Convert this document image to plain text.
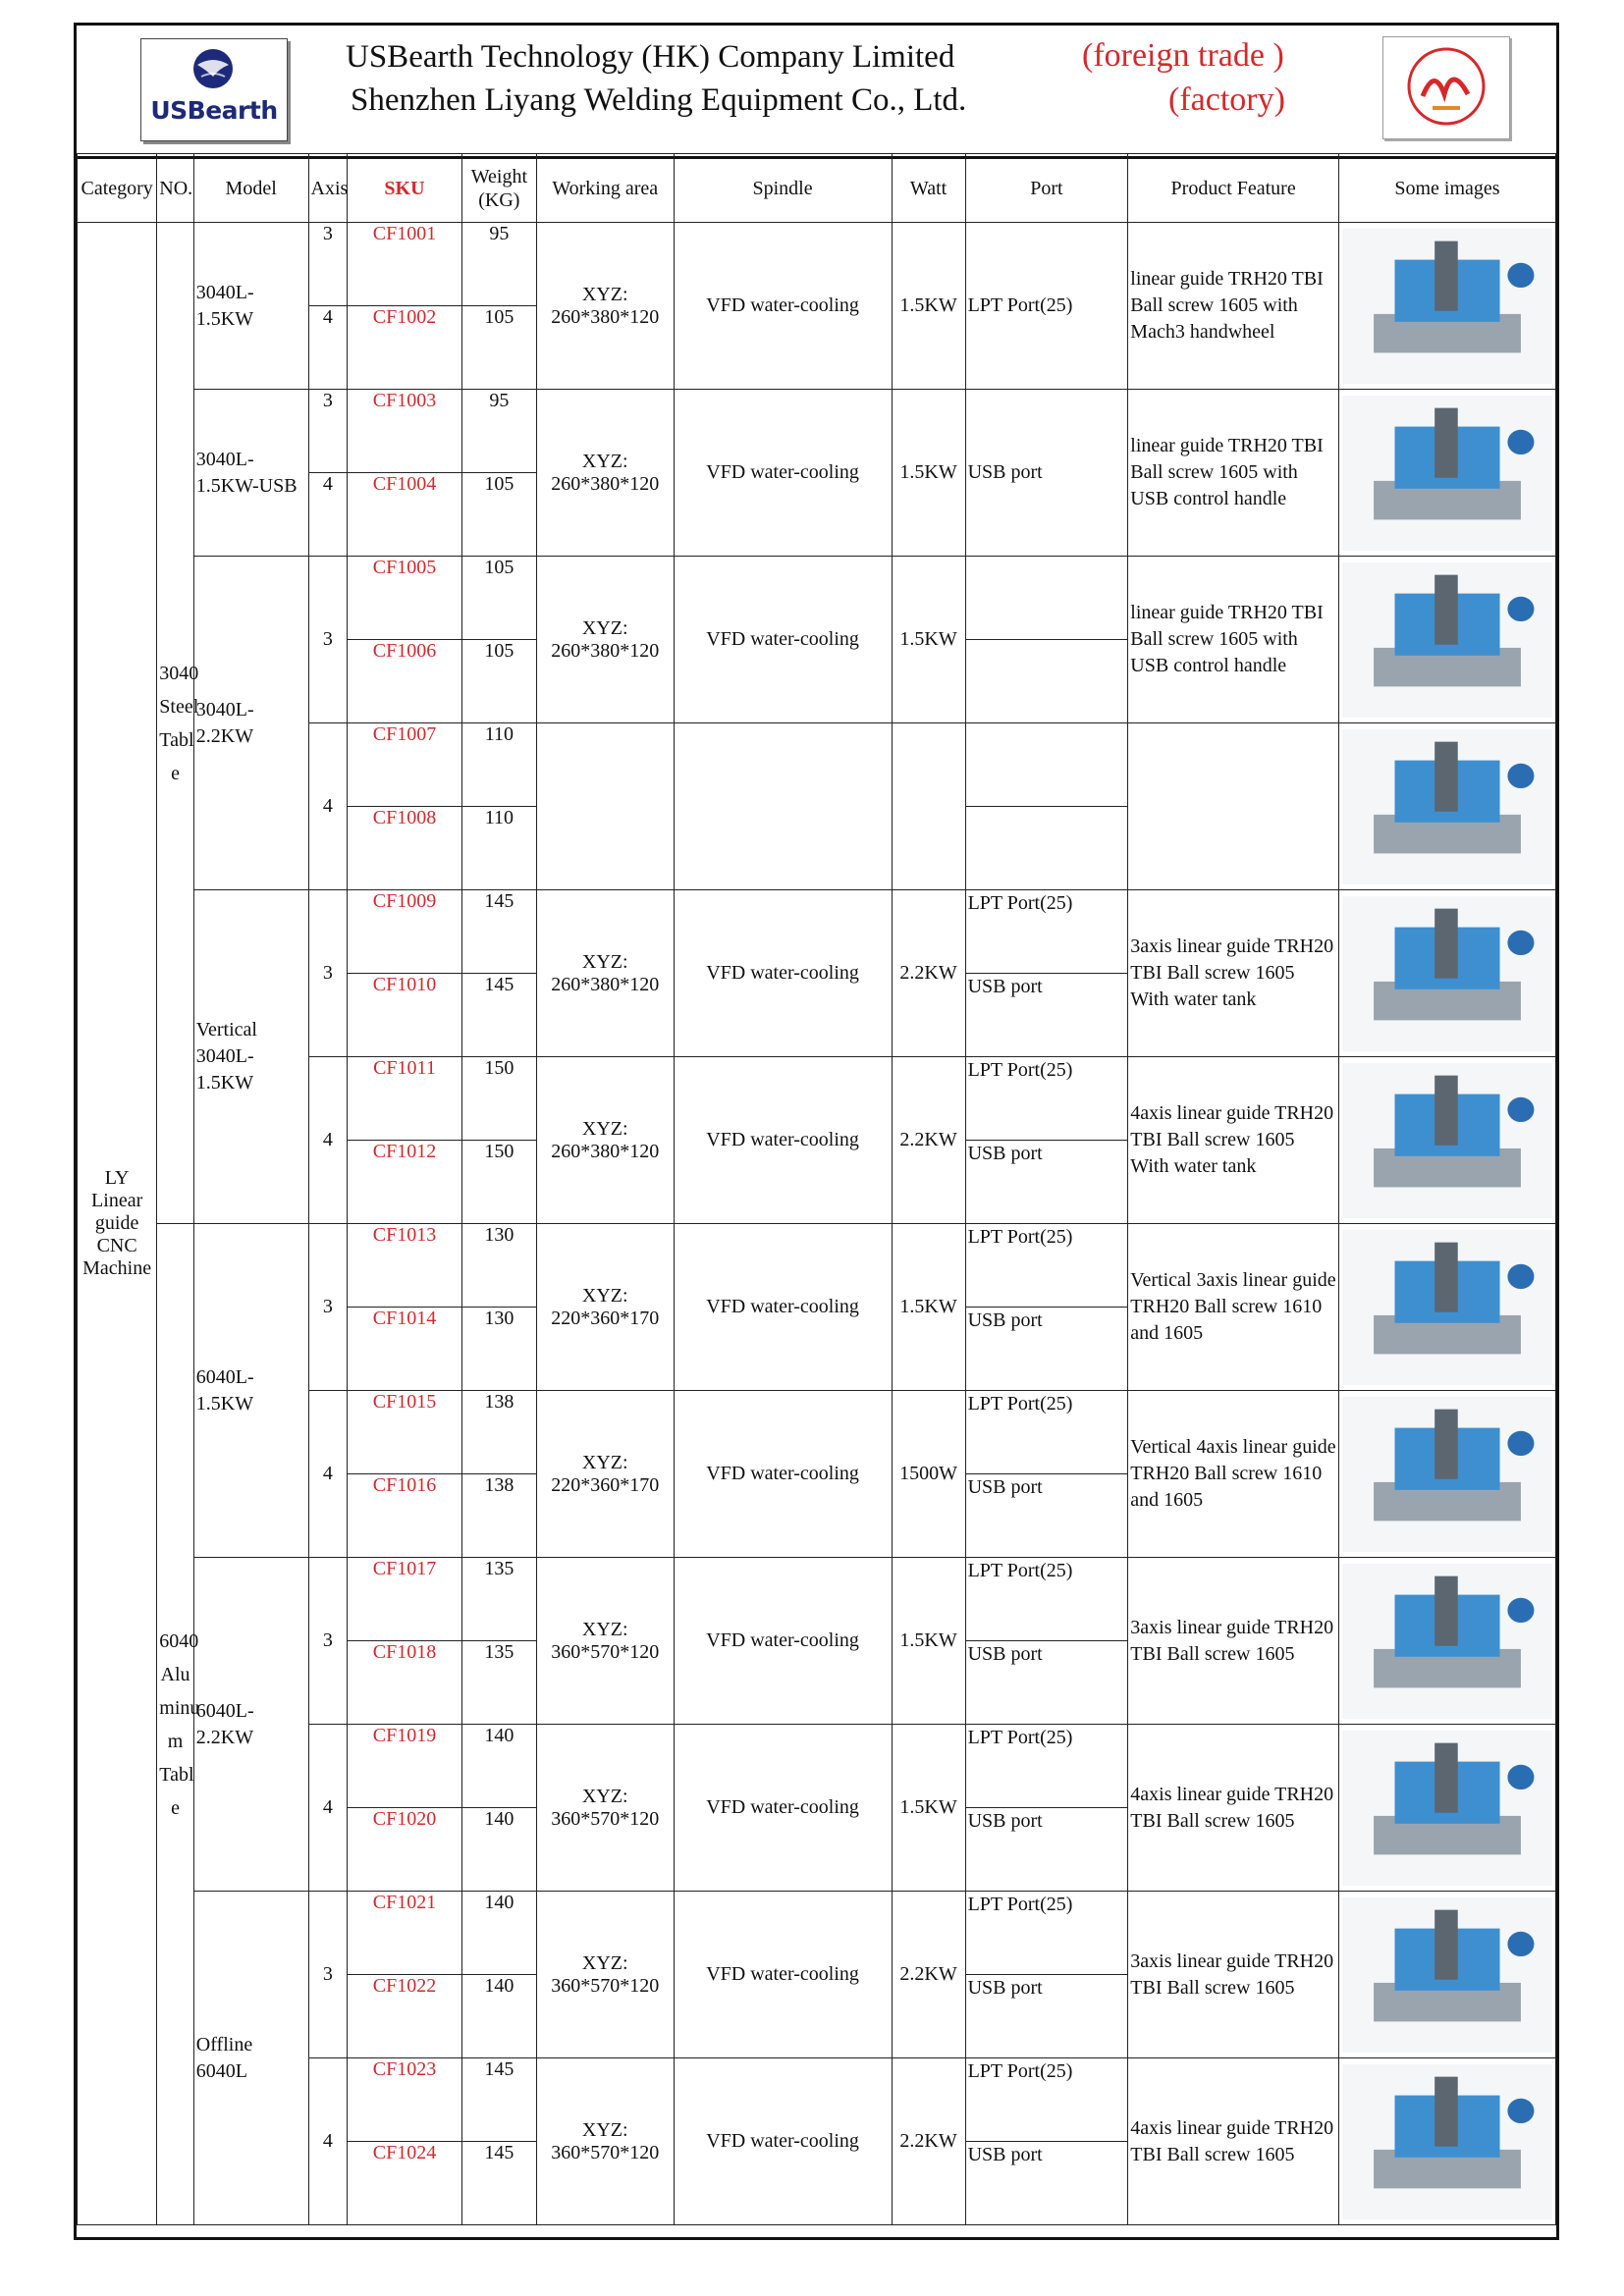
USBearth
USBearth Technology (HK) Company Limited
Shenzhen Liyang Welding Equipment Co., Ltd.
(foreign trade )
(factory)
Category	NO.	Model	Axis	SKU	Weight (KG)	Working area	Spindle	Watt	Port	Product Feature	Some images
LY Linear guide CNC Machine	3040 Steel Tabl e	3040L-1.5KW	3	CF1001	95	XYZ: 260*380*120	VFD water-cooling	1.5KW	LPT Port(25)	linear guide TRH20 TBI Ball screw 1605 with Mach3 handwheel	

			4	CF1002	105						
		3040L-1.5KW-USB	3	CF1003	95	XYZ: 260*380*120	VFD water-cooling	1.5KW	USB port	linear guide TRH20 TBI Ball screw 1605 with USB control handle	

			4	CF1004	105						
		3040L-2.2KW	3	CF1005	105	XYZ: 260*380*120	VFD water-cooling	1.5KW		linear guide TRH20 TBI Ball screw 1605 with USB control handle	

				CF1006	105						
			4	CF1007	110						

				CF1008	110						
		Vertical 3040L-1.5KW	3	CF1009	145	XYZ: 260*380*120	VFD water-cooling	2.2KW	LPT Port(25)	3axis linear guide TRH20 TBI Ball screw 1605 With water tank	

				CF1010	145				USB port		
			4	CF1011	150	XYZ: 260*380*120	VFD water-cooling	2.2KW	LPT Port(25)	4axis linear guide TRH20 TBI Ball screw 1605 With water tank	

				CF1012	150				USB port		
	6040 Alu minu m Tabl e	6040L-1.5KW	3	CF1013	130	XYZ: 220*360*170	VFD water-cooling	1.5KW	LPT Port(25)	Vertical 3axis linear guide TRH20 Ball screw 1610 and 1605	

				CF1014	130				USB port		
			4	CF1015	138	XYZ: 220*360*170	VFD water-cooling	1500W	LPT Port(25)	Vertical 4axis linear guide TRH20 Ball screw 1610 and 1605	

				CF1016	138				USB port		
		6040L-2.2KW	3	CF1017	135	XYZ: 360*570*120	VFD water-cooling	1.5KW	LPT Port(25)	3axis linear guide TRH20 TBI Ball screw 1605	

				CF1018	135				USB port		
			4	CF1019	140	XYZ: 360*570*120	VFD water-cooling	1.5KW	LPT Port(25)	4axis linear guide TRH20 TBI Ball screw 1605	

				CF1020	140				USB port		
		Offline 6040L	3	CF1021	140	XYZ: 360*570*120	VFD water-cooling	2.2KW	LPT Port(25)	3axis linear guide TRH20 TBI Ball screw 1605	

				CF1022	140				USB port		
			4	CF1023	145	XYZ: 360*570*120	VFD water-cooling	2.2KW	LPT Port(25)	4axis linear guide TRH20 TBI Ball screw 1605	

				CF1024	145				USB port		
